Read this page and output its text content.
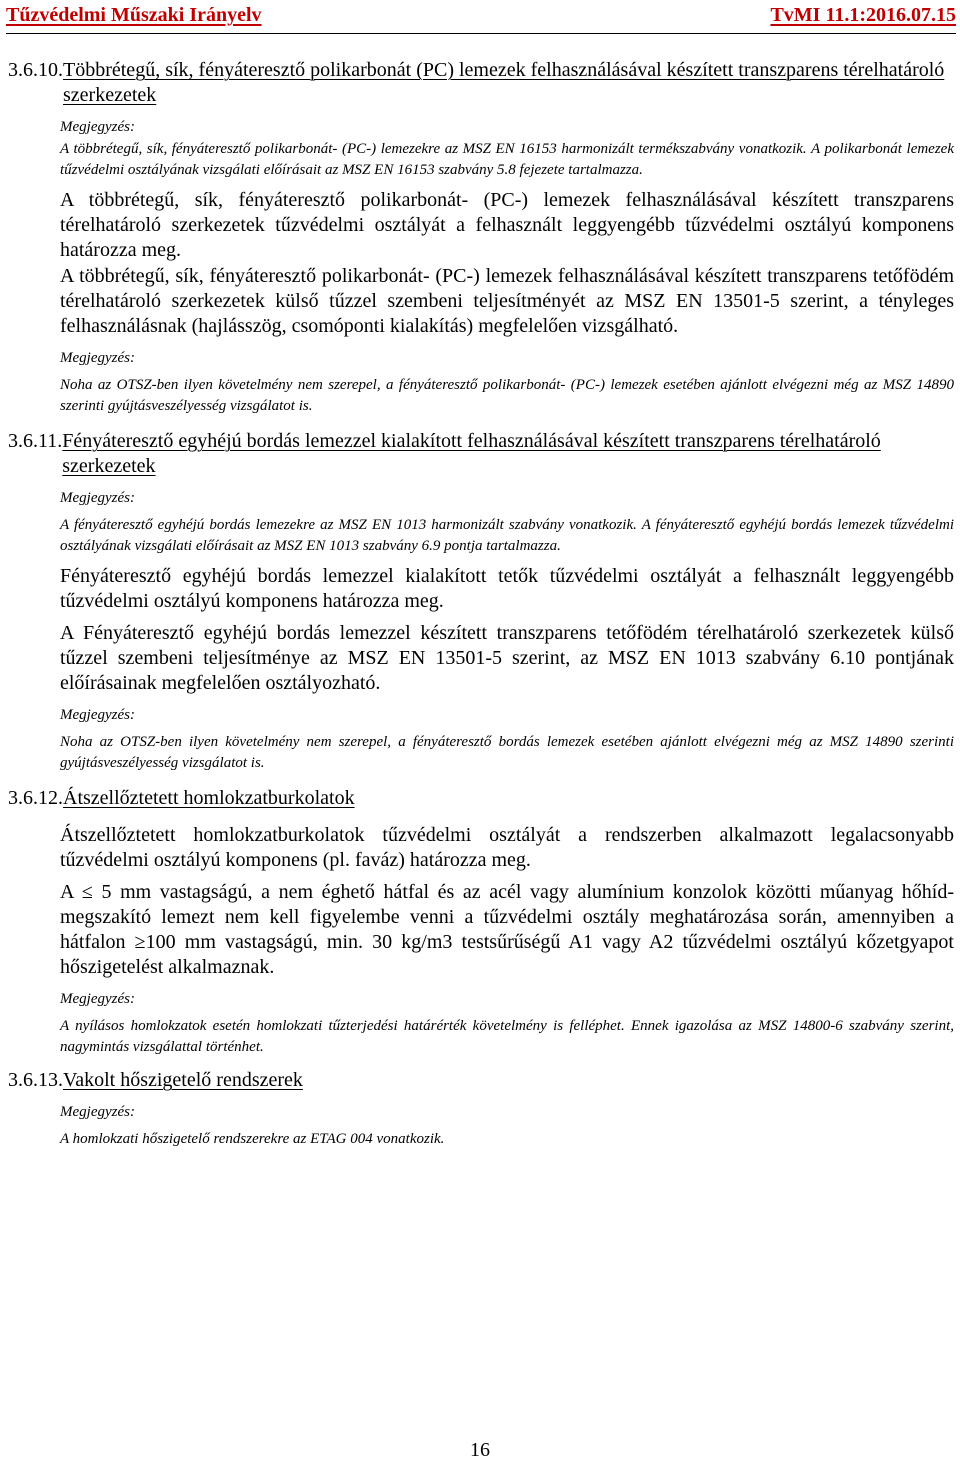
Tűzvédelmi Műszaki Irányelv	TvMI 11.1:2016.07.15
3.6.10. Többrétegű, sík, fényáteresztő polikarbonát (PC) lemezek felhasználásával készített transzparens térelhatároló szerkezetek
Megjegyzés:
A többrétegű, sík, fényáteresztő polikarbonát- (PC-) lemezekre az MSZ EN 16153 harmonizált termékszabvány vonatkozik. A polikarbonát lemezek tűzvédelmi osztályának vizsgálati előírásait az MSZ EN 16153 szabvány 5.8 fejezete tartalmazza.
A többrétegű, sík, fényáteresztő polikarbonát- (PC-) lemezek felhasználásával készített transzparens térelhatároló szerkezetek tűzvédelmi osztályát a felhasznált leggyengébb tűzvédelmi osztályú komponens határozza meg.
A többrétegű, sík, fényáteresztő polikarbonát- (PC-) lemezek felhasználásával készített transzparens tetőfödém térelhatároló szerkezetek külső tűzzel szembeni teljesítményét az MSZ EN 13501-5 szerint, a tényleges felhasználásnak (hajlásszög, csomóponti kialakítás) megfelelően vizsgálható.
Megjegyzés:
Noha az OTSZ-ben ilyen követelmény nem szerepel, a fényáteresztő polikarbonát- (PC-) lemezek esetében ajánlott elvégezni még az MSZ 14890 szerinti gyújtásveszélyesség vizsgálatot is.
3.6.11. Fényáteresztő egyhéjú bordás lemezzel kialakított felhasználásával készített transzparens térelhatároló szerkezetek
Megjegyzés:
A fényáteresztő egyhéjú bordás lemezekre az MSZ EN 1013 harmonizált szabvány vonatkozik. A fényáteresztő egyhéjú bordás lemezek tűzvédelmi osztályának vizsgálati előírásait az MSZ EN 1013 szabvány 6.9 pontja tartalmazza.
Fényáteresztő egyhéjú bordás lemezzel kialakított tetők tűzvédelmi osztályát a felhasznált leggyengébb tűzvédelmi osztályú komponens határozza meg.
A Fényáteresztő egyhéjú bordás lemezzel készített transzparens tetőfödém térelhatároló szerkezetek külső tűzzel szembeni teljesítménye az MSZ EN 13501-5 szerint, az MSZ EN 1013 szabvány 6.10 pontjának előírásainak megfelelően osztályozható.
Megjegyzés:
Noha az OTSZ-ben ilyen követelmény nem szerepel, a fényáteresztő bordás lemezek esetében ajánlott elvégezni még az MSZ 14890 szerinti gyújtásveszélyesség vizsgálatot is.
3.6.12. Átszellőztetett homlokzatburkolatok
Átszellőztetett homlokzatburkolatok tűzvédelmi osztályát a rendszerben alkalmazott legalacsonyabb tűzvédelmi osztályú komponens (pl. faváz) határozza meg.
A ≤ 5 mm vastagságú, a nem éghető hátfal és az acél vagy alumínium konzolok közötti műanyag hőhíd-megszakító lemezt nem kell figyelembe venni a tűzvédelmi osztály meghatározása során, amennyiben a hátfalon ≥100 mm vastagságú, min. 30 kg/m3 testsűrűségű A1 vagy A2 tűzvédelmi osztályú kőzetgyapot hőszigetelést alkalmaznak.
Megjegyzés:
A nyílásos homlokzatok esetén homlokzati tűzterjedési határérték követelmény is felléphet. Ennek igazolása az MSZ 14800-6 szabvány szerint, nagymintás vizsgálattal történhet.
3.6.13. Vakolt hőszigetelő rendszerek
Megjegyzés:
A homlokzati hőszigetelő rendszerekre az ETAG 004 vonatkozik.
16
